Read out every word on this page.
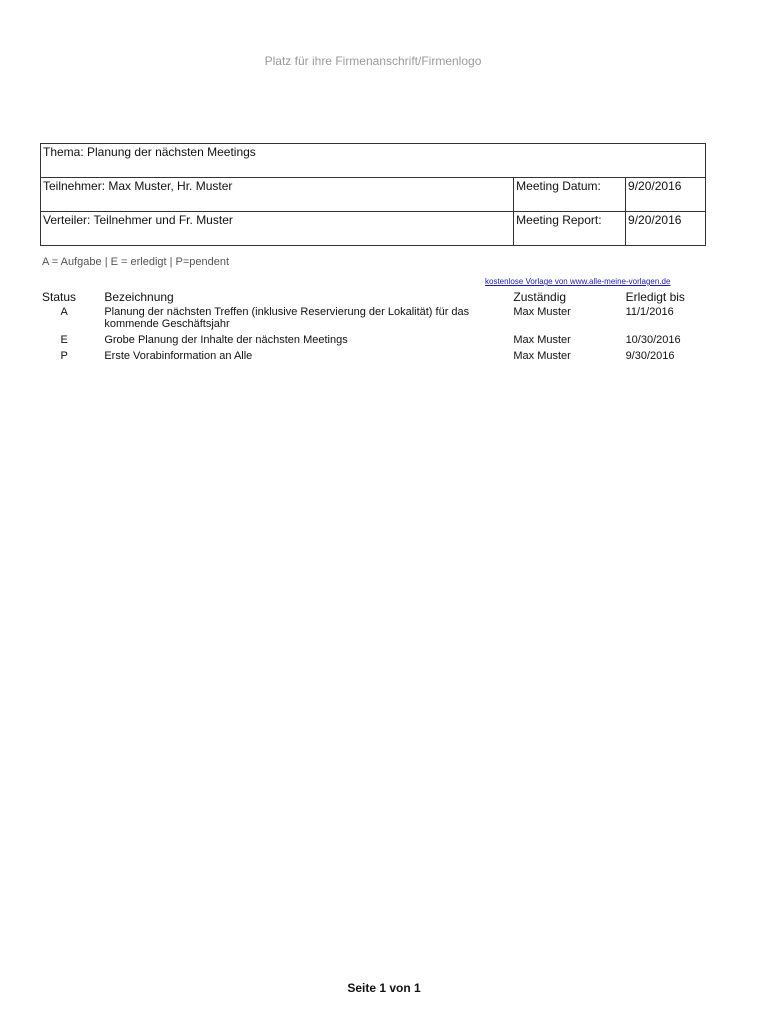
Platz für ihre Firmenanschrift/Firmenlogo
Thema: Planung der nächsten Meetings		
Teilnehmer: Max Muster, Hr. Muster	Meeting Datum:	9/20/2016
Verteiler: Teilnehmer und Fr. Muster	Meeting Report:	9/20/2016
A = Aufgabe | E = erledigt | P=pendent
kostenlose Vorlage von www.alle-meine-vorlagen.de
Status	Bezeichnung	Zuständig	Erledigt bis
A	Planung der nächsten Treffen (inklusive Reservierung der Lokalität) für das kommende Geschäftsjahr	Max Muster	11/1/2016
E	Grobe Planung der Inhalte der nächsten Meetings	Max Muster	10/30/2016
P	Erste Vorabinformation an Alle	Max Muster	9/30/2016
Seite 1 von 1
